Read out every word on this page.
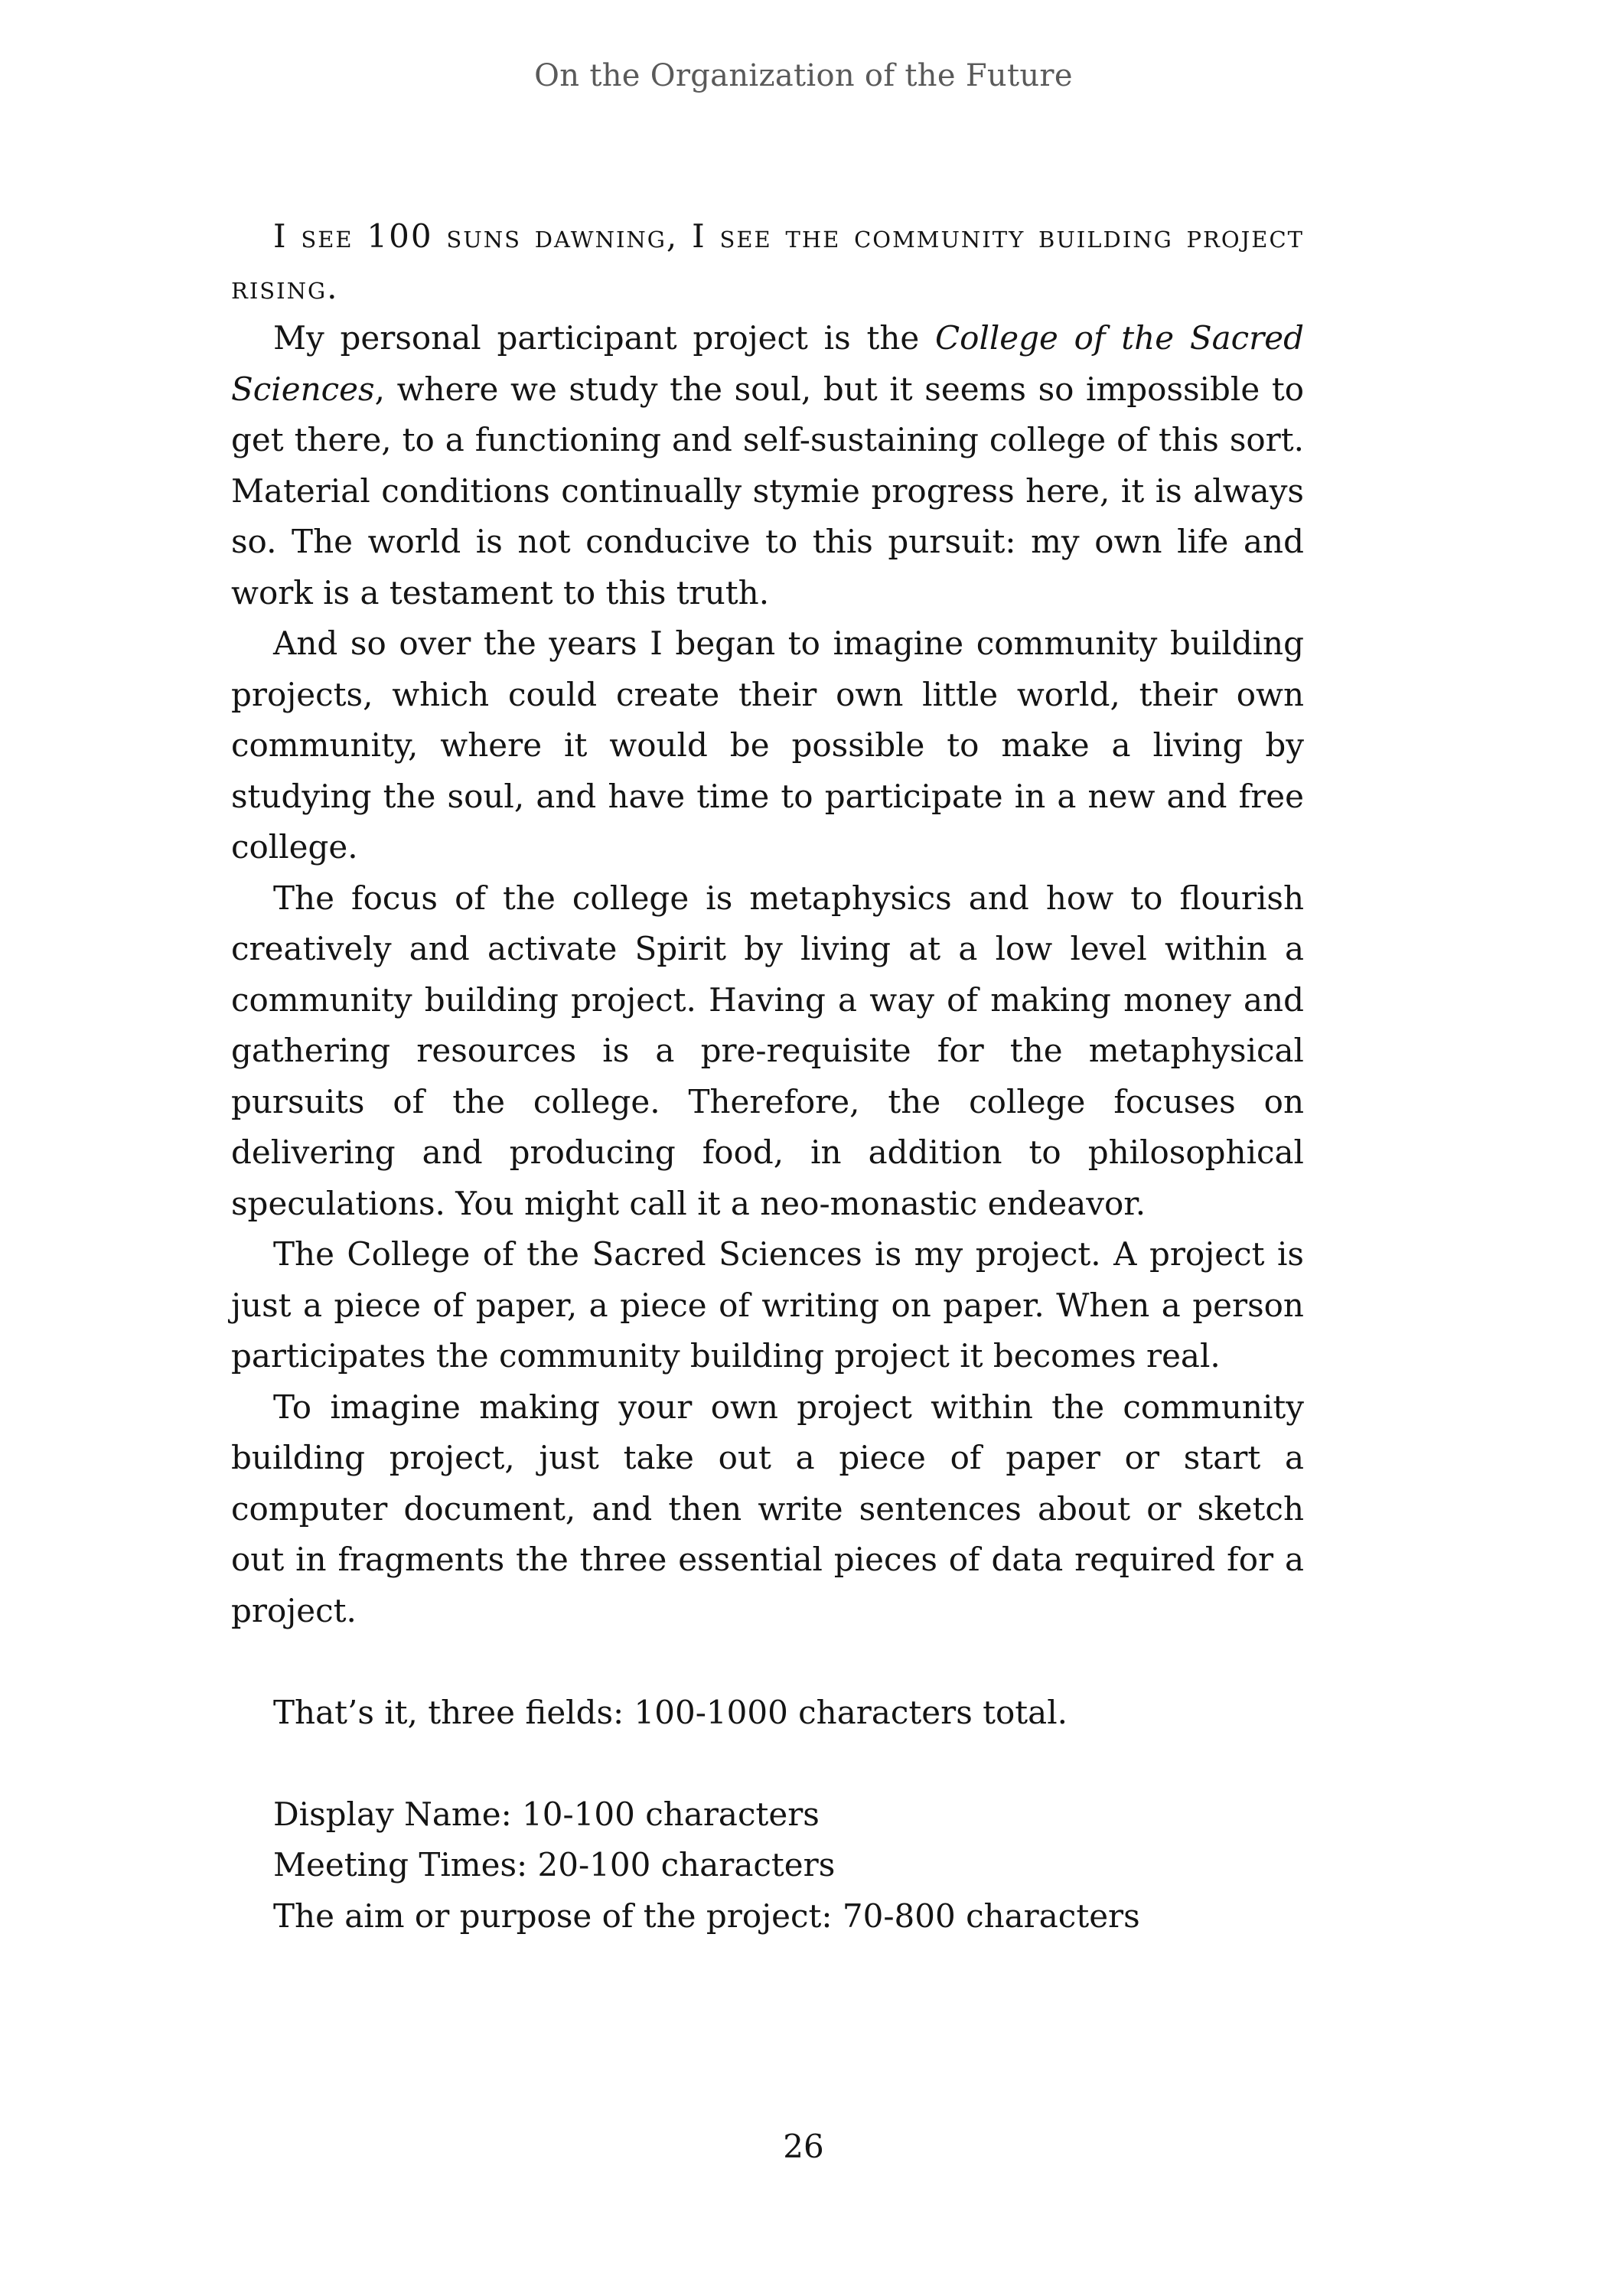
On the Organization of the Future

I see 100 suns dawning, I see the community building project rising.

My personal participant project is the College of the Sacred Sciences, where we study the soul, but it seems so impossible to get there, to a functioning and self-sustaining college of this sort. Material conditions continually stymie progress here, it is always so. The world is not conducive to this pursuit: my own life and work is a testament to this truth.

And so over the years I began to imagine community building projects, which could create their own little world, their own community, where it would be possible to make a living by studying the soul, and have time to participate in a new and free college.

The focus of the college is metaphysics and how to flourish creatively and activate Spirit by living at a low level within a community building project. Having a way of making money and gathering resources is a pre-requisite for the metaphysical pursuits of the college. Therefore, the college focuses on delivering and producing food, in addition to philosophical speculations. You might call it a neo-monastic endeavor.

The College of the Sacred Sciences is my project. A project is just a piece of paper, a piece of writing on paper. When a person participates the community building project it becomes real.

To imagine making your own project within the community building project, just take out a piece of paper or start a computer document, and then write sentences about or sketch out in fragments the three essential pieces of data required for a project.

That’s it, three fields: 100-1000 characters total.

Display Name: 10-100 characters
Meeting Times: 20-100 characters
The aim or purpose of the project: 70-800 characters

26
